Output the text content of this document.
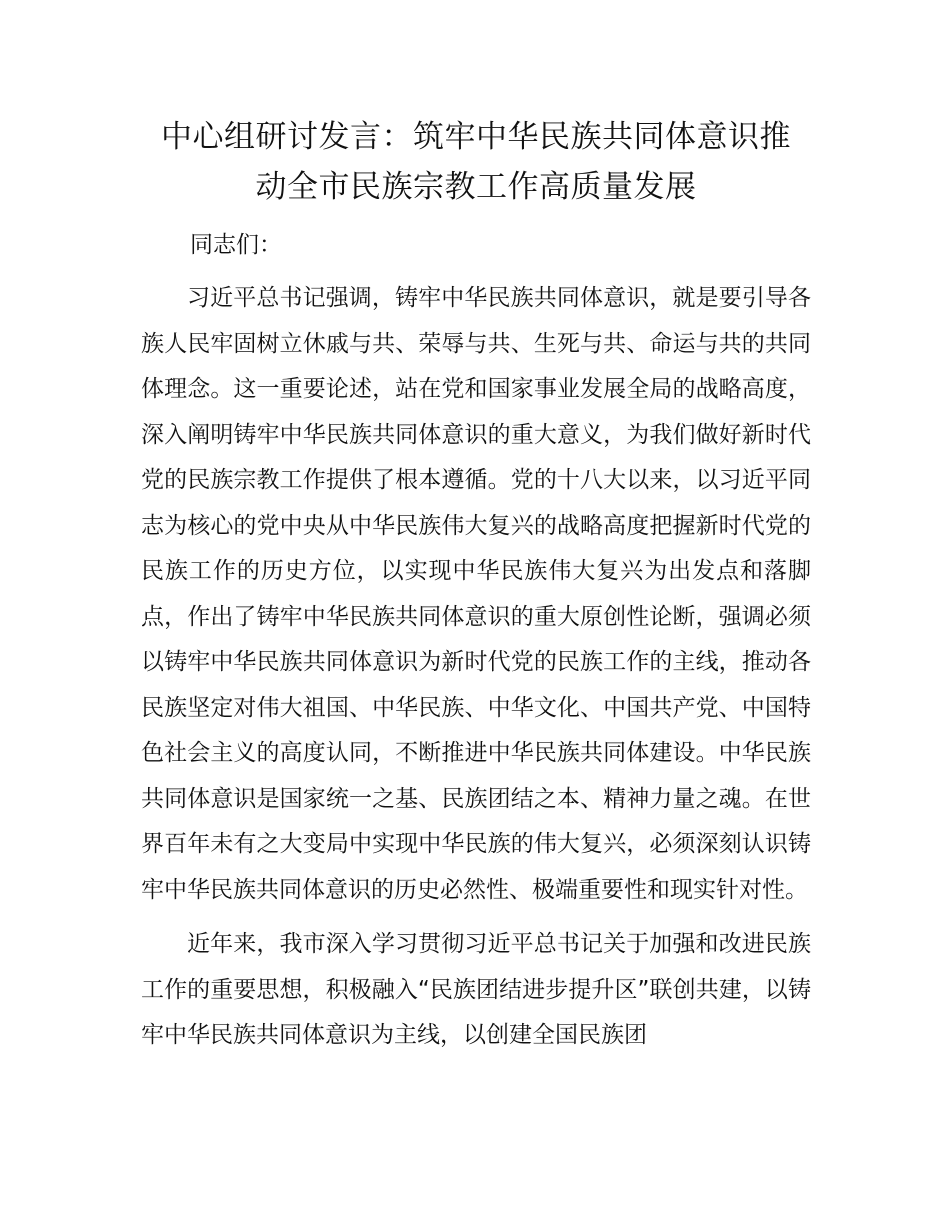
中心组研讨发言：筑牢中华民族共同体意识推
动全市民族宗教工作高质量发展

同志们：

习近平总书记强调，铸牢中华民族共同体意识，就是要引导各族人民牢固树立休戚与共、荣辱与共、生死与共、命运与共的共同体理念。这一重要论述，站在党和国家事业发展全局的战略高度，深入阐明铸牢中华民族共同体意识的重大意义，为我们做好新时代党的民族宗教工作提供了根本遵循。党的十八大以来，以习近平同志为核心的党中央从中华民族伟大复兴的战略高度把握新时代党的民族工作的历史方位，以实现中华民族伟大复兴为出发点和落脚点，作出了铸牢中华民族共同体意识的重大原创性论断，强调必须以铸牢中华民族共同体意识为新时代党的民族工作的主线，推动各民族坚定对伟大祖国、中华民族、中华文化、中国共产党、中国特色社会主义的高度认同，不断推进中华民族共同体建设。中华民族共同体意识是国家统一之基、民族团结之本、精神力量之魂。在世界百年未有之大变局中实现中华民族的伟大复兴，必须深刻认识铸牢中华民族共同体意识的历史必然性、极端重要性和现实针对性。

近年来，我市深入学习贯彻习近平总书记关于加强和改进民族工作的重要思想，积极融入“民族团结进步提升区”联创共建，以铸牢中华民族共同体意识为主线，以创建全国民族团
